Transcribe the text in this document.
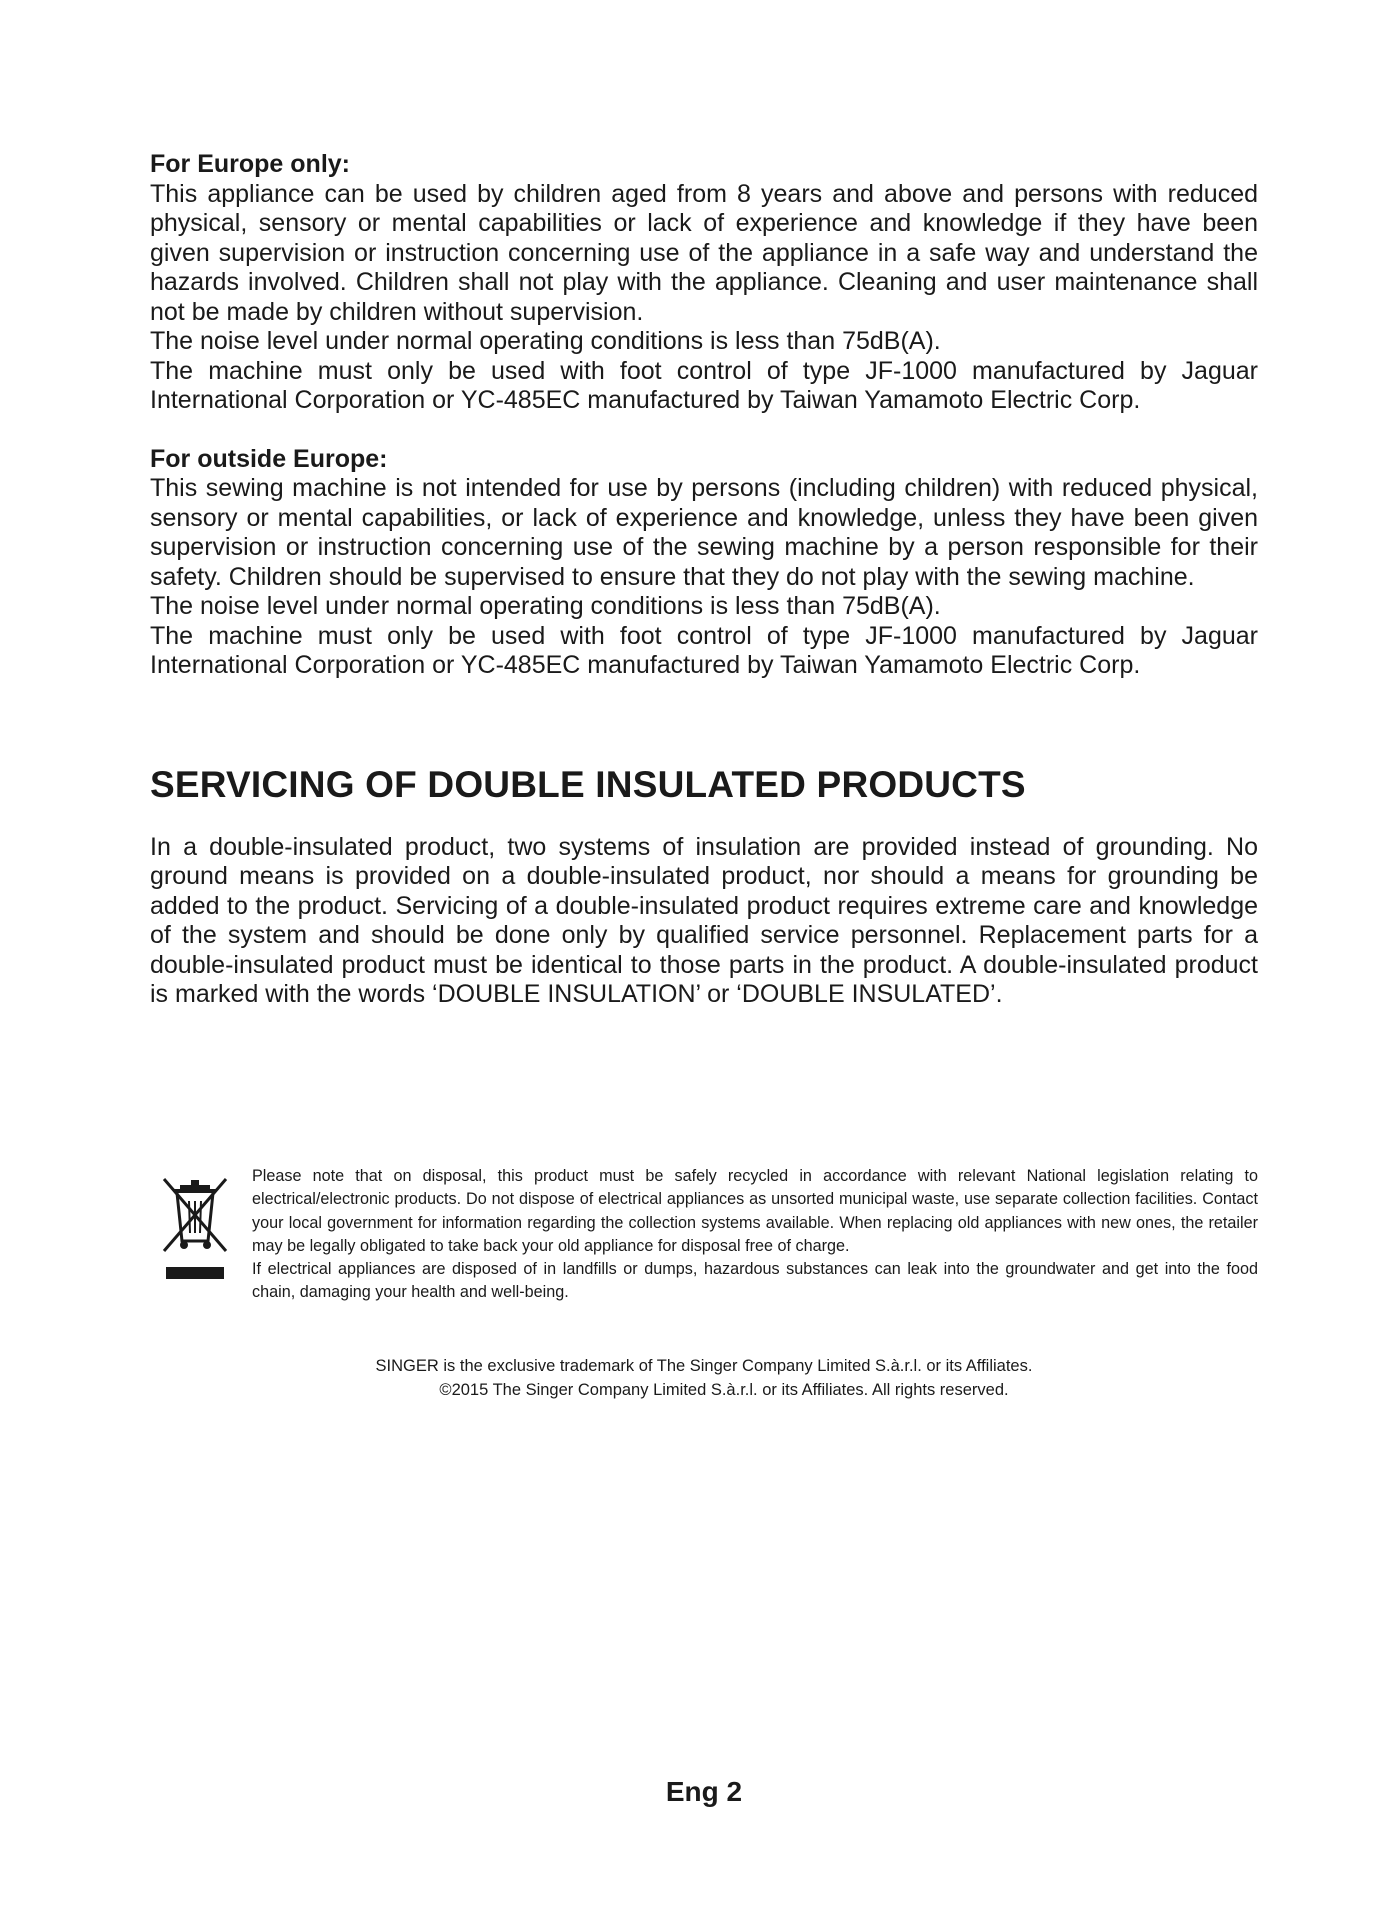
For Europe only:

This appliance can be used by children aged from 8 years and above and persons with reduced physical, sensory or mental capabilities or lack of experience and knowledge if they have been given supervision or instruction concerning use of the appliance in a safe way and understand the hazards involved. Children shall not play with the appliance. Cleaning and user maintenance shall not be made by children without supervision.

The noise level under normal operating conditions is less than 75dB(A).

The machine must only be used with foot control of type JF-1000 manufactured by Jaguar International Corporation or YC-485EC manufactured by Taiwan Yamamoto Electric Corp.

For outside Europe:

This sewing machine is not intended for use by persons (including children) with reduced physical, sensory or mental capabilities, or lack of experience and knowledge, unless they have been given supervision or instruction concerning use of the sewing machine by a person responsible for their safety. Children should be supervised to ensure that they do not play with the sewing machine.

The noise level under normal operating conditions is less than 75dB(A).

The machine must only be used with foot control of type JF-1000 manufactured by Jaguar International Corporation or YC-485EC manufactured by Taiwan Yamamoto Electric Corp.

SERVICING OF DOUBLE INSULATED PRODUCTS

In a double-insulated product, two systems of insulation are provided instead of grounding. No ground means is provided on a double-insulated product, nor should a means for grounding be added to the product. Servicing of a double-insulated product requires extreme care and knowledge of the system and should be done only by qualified service personnel. Replacement parts for a double-insulated product must be identical to those parts in the product. A double-insulated product is marked with the words ‘DOUBLE INSULATION’ or ‘DOUBLE INSULATED’.

Please note that on disposal, this product must be safely recycled in accordance with relevant National legislation relating to electrical/electronic products. Do not dispose of electrical appliances as unsorted municipal waste, use separate collection facilities. Contact your local government for information regarding the collection systems available. When replacing old appliances with new ones, the retailer may be legally obligated to take back your old appliance for disposal free of charge.

If electrical appliances are disposed of in landfills or dumps, hazardous substances can leak into the groundwater and get into the food chain, damaging your health and well-being.

SINGER is the exclusive trademark of The Singer Company Limited S.à.r.l. or its Affiliates.

©2015 The Singer Company Limited S.à.r.l. or its Affiliates. All rights reserved.

Eng 2
